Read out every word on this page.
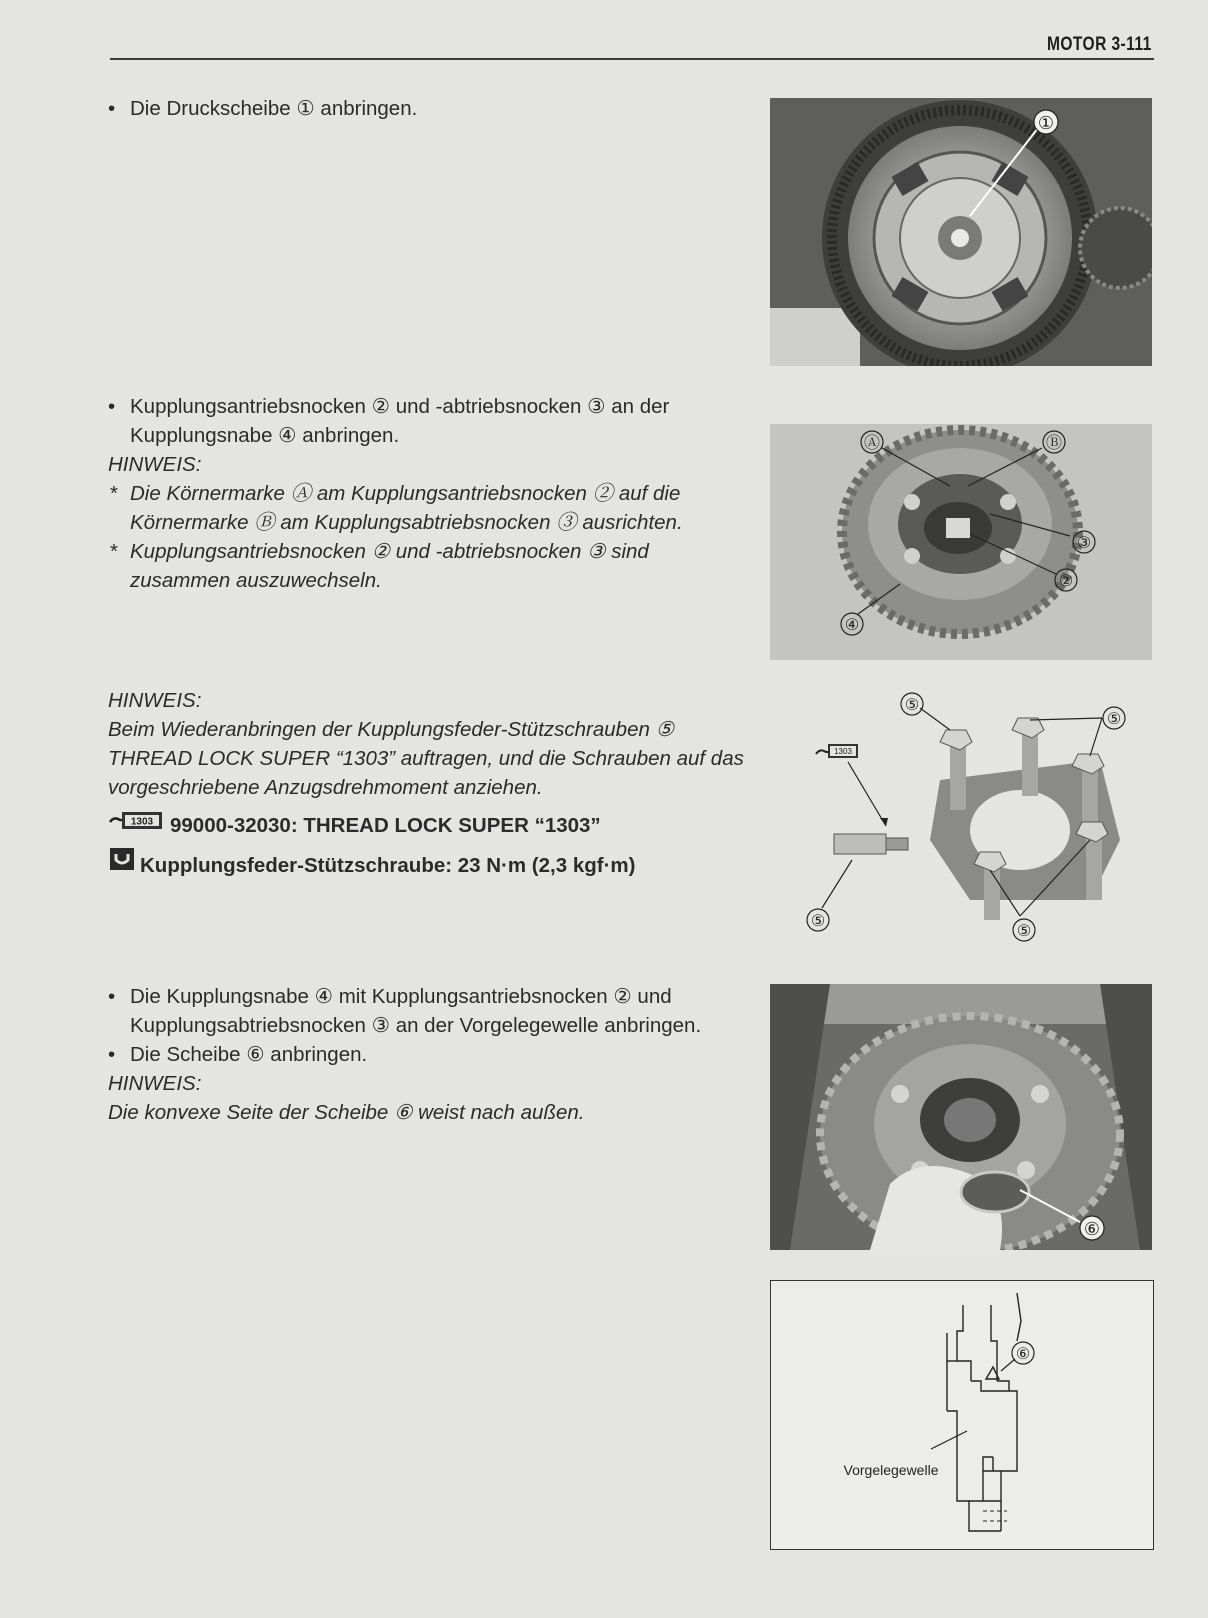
MOTOR 3-111
• Die Druckscheibe ① anbringen.
①
• Kupplungsantriebsnocken ② und -abtriebsnocken ③ an der Kupplungsnabe ④ anbringen.
HINWEIS:
* Die Körnermarke Ⓐ am Kupplungsantriebsnocken ② auf die Körnermarke Ⓑ am Kupplungsabtriebsnocken ③ ausrichten.
* Kupplungsantriebsnocken ② und -abtriebsnocken ③ sind zusammen auszuwechseln.
Ⓐ	Ⓑ
③
②
④
HINWEIS:
Beim Wiederanbringen der Kupplungsfeder-Stützschrauben ⑤ THREAD LOCK SUPER “1303” auftragen, und die Schrauben auf das vorgeschriebene Anzugsdrehmoment anziehen.
1303 99000-32030: THREAD LOCK SUPER “1303”
Kupplungsfeder-Stützschraube: 23 N·m (2,3 kgf·m)
1303
⑤
⑤
⑤
⑤
• Die Kupplungsnabe ④ mit Kupplungsantriebsnocken ② und Kupplungsabtriebsnocken ③ an der Vorgelegewelle anbringen.
• Die Scheibe ⑥ anbringen.
HINWEIS:
Die konvexe Seite der Scheibe ⑥ weist nach außen.
⑥
⑥
Vorgelegewelle
